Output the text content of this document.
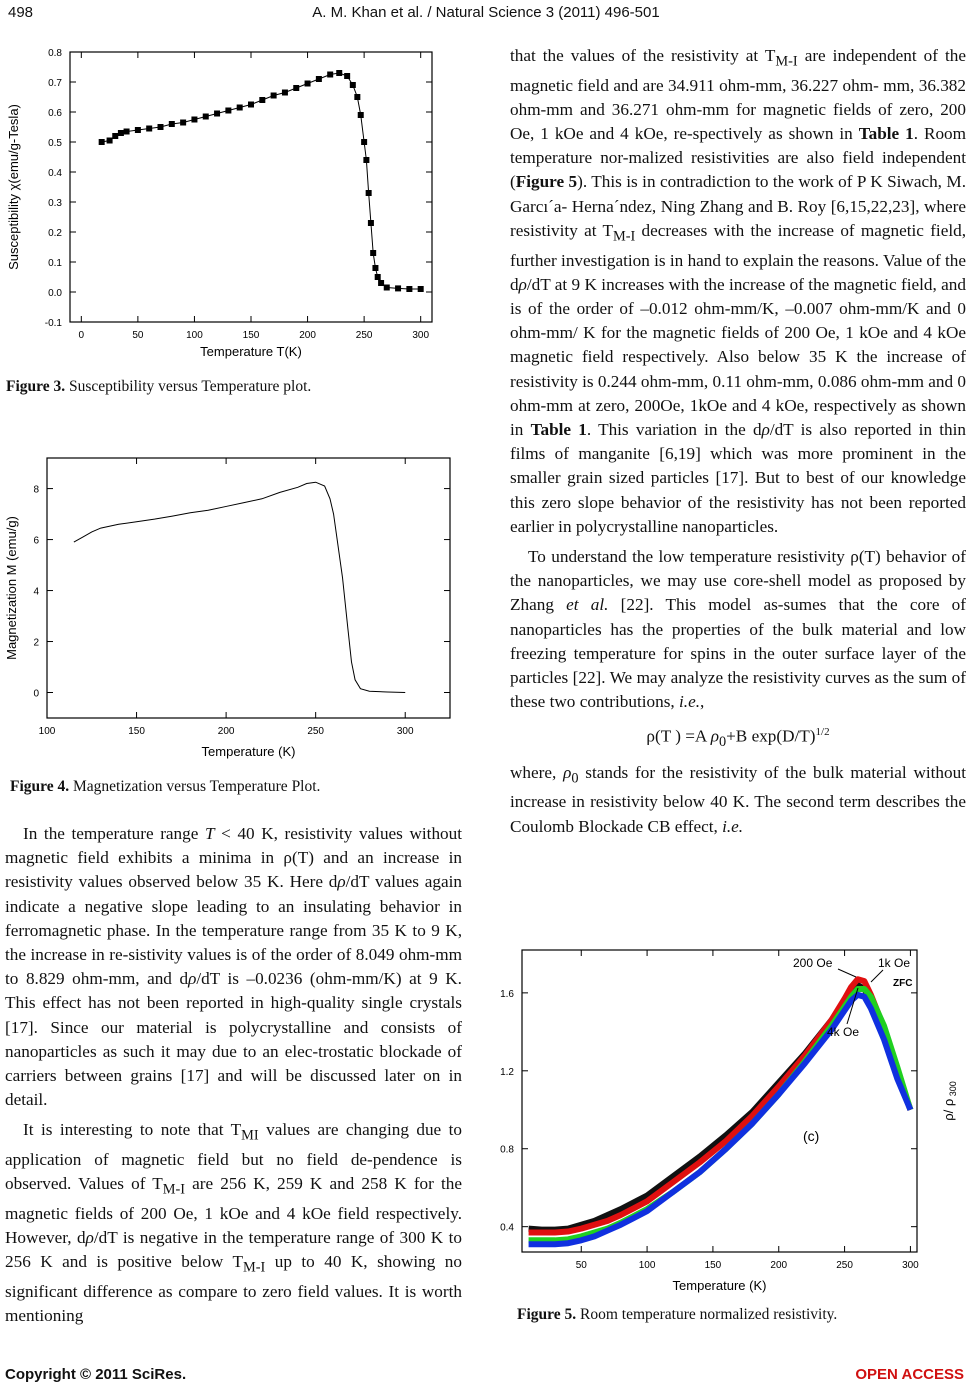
498	A. M. Khan et al. / Natural Science 3 (2011) 496-501
0	50	100	150	200	250	300
-0.1
0.0
0.1
0.2
0.3
0.4
0.5
0.6
0.7
0.8
Temperature T(K)
Susceptibility χ(emu/g-Tesla)
Figure 3. Susceptibility versus Temperature plot.
100	150	200	250	300
0
2
4
6
8
Temperature (K)
Magnetization M (emu/g)
Figure 4. Magnetization versus Temperature Plot.

In the temperature range T < 40 K, resistivity values without magnetic field exhibits a minima in ρ(T) and an increase in resistivity values observed below 35 K. Here dρ/dT values again indicate a negative slope leading to an insulating behavior in ferromagnetic phase. In the temperature range from 35 K to 9 K, the increase in re-sistivity values is of the order of 8.049 ohm-mm to 8.829 ohm-mm, and dρ/dT is –0.0236 (ohm-mm/K) at 9 K. This effect has not been reported in high-quality single crystals [17]. Since our material is polycrystalline and consists of nanoparticles as such it may due to an elec-trostatic blockade of carriers between grains [17] and will be discussed later on in detail.

It is interesting to note that $T_{MI}$ values are changing due to application of magnetic field but no field de-pendence is observed. Values of $T_{M-I}$ are 256 K, 259 K and 258 K for the magnetic fields of 200 Oe, 1 kOe and 4 kOe field respectively. However, dρ/dT is negative in the temperature range of 300 K to 256 K and is positive below $T_{M-I}$ up to 40 K, showing no significant difference as compare to zero field values. It is worth mentioning

that the values of the resistivity at $T_{M-I}$ are independent of the magnetic field and are 34.911 ohm-mm, 36.227 ohm- mm, 36.382 ohm-mm and 36.271 ohm-mm for magnetic fields of zero, 200 Oe, 1 kOe and 4 kOe, re-spectively as shown in Table 1. Room temperature nor-malized resistivities are also field independent (Figure 5). This is in contradiction to the work of P K Siwach, M. Garcı´a- Herna´ndez, Ning Zhang and B. Roy [6,15,22,23], where resistivity at $T_{M-I}$ decreases with the increase of magnetic field, further investigation is in hand to explain the reasons. Value of the dρ/dT at 9 K increases with the increase of the magnetic field, and is of the order of –0.012 ohm-mm/K, –0.007 ohm-mm/K and 0 ohm-mm/ K for the magnetic fields of 200 Oe, 1 kOe and 4 kOe magnetic field respectively. Also below 35 K the increase of resistivity is 0.244 ohm-mm, 0.11 ohm-mm, 0.086 ohm-mm and 0 ohm-mm at zero, 200Oe, 1kOe and 4 kOe, respectively as shown in Table 1. This variation in the dρ/dT is also reported in thin films of manganite [6,19] which was more prominent in the smaller grain sized particles [17]. But to best of our knowledge this zero slope behavior of the resistivity has not been reported earlier in polycrystalline nanoparticles.

To understand the low temperature resistivity ρ(T) behavior of the nanoparticles, we may use core-shell model as proposed by Zhang et al. [22]. This model as-sumes that the core of nanoparticles has the properties of the bulk material and low freezing temperature for spins in the outer surface layer of the particles [22]. We may analyze the resistivity curves as the sum of these two contributions, i.e.,

ρ(T ) =A $\rho_0+B$ $\exp(D/T)^{1/2}$

where, $\rho_0$ stands for the resistivity of the bulk material without increase in resistivity below 40 K. The second term describes the Coulomb Blockade CB effect, i.e.

50	100	150	200	250	300
0.4
0.8
1.2
1.6
Temperature (K)
ρ/ ρ $_{300}$
200 Oe	1k Oe
ZFC
4k Oe
(c)
Figure 5. Room temperature normalized resistivity.
Copyright © 2011 SciRes.	OPEN ACCESS
